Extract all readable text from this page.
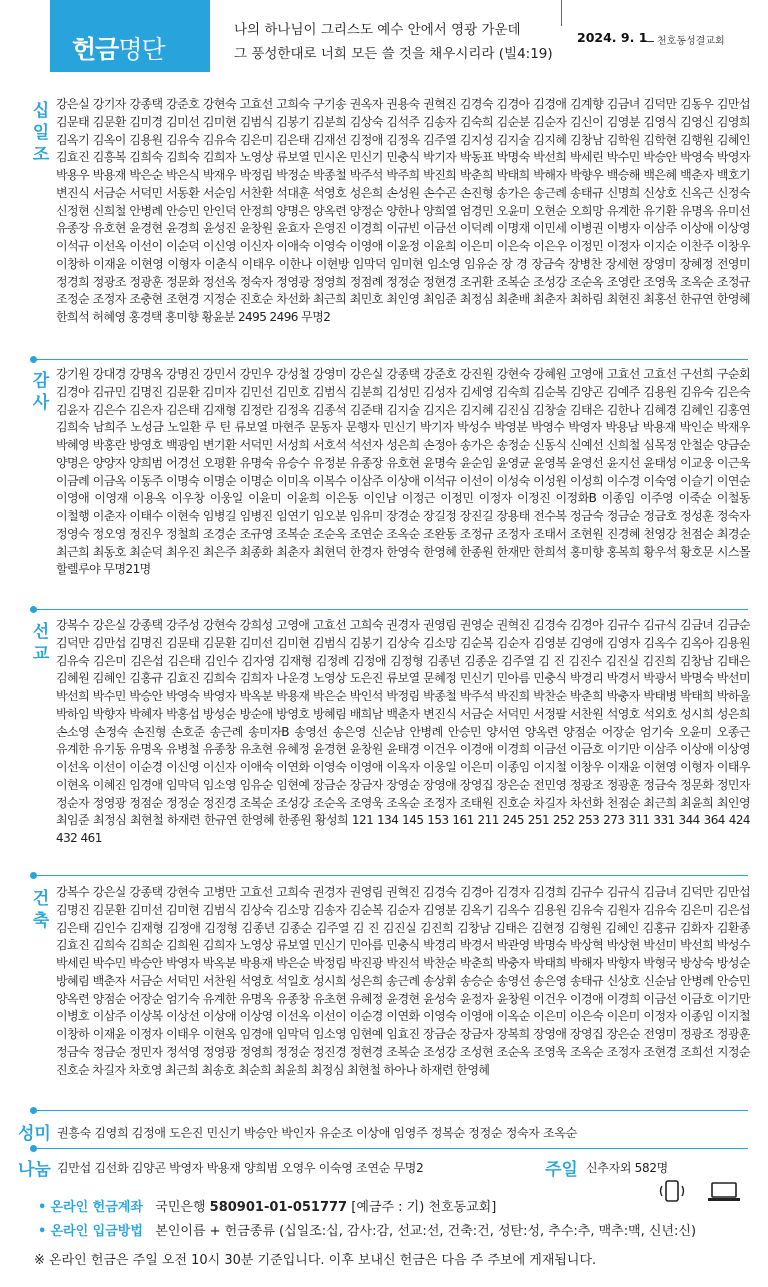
헌금명단
나의 하나님이 그리스도 예수 안에서 영광 가운데
그 풍성한대로 너희 모든 쓸 것을 채우시리라 (빌4:19)
2024. 9. 1 천호동성결교회
십
일
조
강은실 강기자 강종택 강준호 강현숙 고효선 고희숙 구기송 권옥자 권용숙 권혁진 김경숙 김경아 김경애 김계향 김금녀 김덕만 김동우 김만섭 김문태 김문환 김미경 김미선 김미현 김범식 김봉기 김분희 김상숙 김석주 김송자 김숙희 김순분 김순자 김신이 김영분 김영식 김영신 김영희 김옥기 김옥이 김용원 김유숙 김유숙 김은미 김은태 김재선 김정애 김정옥 김주열 김지성 김지술 김지혜 김창남 김학원 김학현 김행원 김혜인 김효진 김흥복 김희숙 김희숙 김희자 노영상 류보열 민시온 민신기 민충식 박기자 박동표 박명숙 박선희 박세린 박수민 박승안 박영숙 박영자 박용우 박용재 박은순 박은식 박재우 박정림 박정순 박종철 박주석 박주희 박진희 박춘희 박태희 박해자 박향우 백승해 백은혜 백춘자 백호기 변진식 서금순 서덕민 서동환 서순임 서찬환 석대훈 석영호 성은희 손성원 손수곤 손진형 송가은 송근례 송태규 신명희 신상호 신옥근 신정숙 신정현 신희철 안병례 안승민 안인덕 안정희 양명은 양옥련 양정순 양한나 양희열 엄경민 오윤미 오현순 오희망 유계한 유기환 유명옥 유미선 유종장 유호현 윤경현 윤경희 윤성진 윤창원 윤효자 은영진 이경희 이규빈 이금선 이덕례 이명재 이민세 이병권 이병자 이삼주 이상애 이상영 이석규 이선옥 이선이 이순덕 이신영 이신자 이애숙 이영숙 이영애 이윤정 이윤희 이은미 이은숙 이은우 이정민 이정자 이지순 이찬주 이창우 이창하 이재윤 이현영 이형자 이춘식 이태우 이한나 이현방 임막덕 임미현 임소영 임유순 장 경 장금숙 장병찬 장세현 장영미 장혜정 전영미 정경희 정광조 정광훈 정문화 정선옥 정숙자 정영광 정영희 정점례 정정순 정현경 조귀환 조복순 조성강 조순옥 조영란 조영욱 조옥순 조정규 조정순 조정자 조충현 조현경 지정순 진호순 차선화 최근희 최민호 최인영 최임준 최정심 최춘배 최춘자 최하림 최현진 최홍선 한규연 한영혜 한희석 허혜영 홍경택 홍미향 황윤분 2495 2496 무명2
감
사
강기원 강대경 강명옥 강명진 강민서 강민우 강성철 강영미 강은실 강종택 강준호 강진원 강현숙 강혜원 고영애 고효선 고효선 구선희 구순회 김경아 김규민 김명진 김문환 김미자 김민선 김민호 김범식 김분희 김성민 김성자 김세영 김숙희 김순복 김양곤 김예주 김용원 김유숙 김은숙 김윤자 김은수 김은자 김은태 김재형 김정란 김정옥 김종석 김준태 김지술 김지은 김지혜 김진심 김창술 김태은 김한나 김혜경 김혜인 김홍연 김희숙 남희주 노성금 노일환 루 틴 류보열 마현주 문동자 문행자 민신기 박기자 박성수 박영분 박영수 박영자 박용남 박용재 박인순 박재우 박혜영 박홍란 방영호 백광임 변기환 서덕민 서성희 서호석 석선자 성은희 손정아 송가은 송정순 신동식 신예선 신희철 심목정 안철순 양금순 양명은 양양자 양희범 어경선 오평환 유명숙 유승수 유정분 유종장 유호현 윤명숙 윤순임 윤영균 윤영복 윤영선 윤지선 윤태성 이교웅 이근욱 이금례 이금옥 이동주 이명숙 이명순 이명순 이미옥 이복수 이삼주 이상애 이석규 이선이 이성숙 이성원 이성희 이수경 이숙영 이슬기 이연순 이영애 이영재 이용옥 이우창 이웅일 이윤미 이윤희 이은동 이인남 이정근 이정민 이정자 이정진 이정화B 이종임 이주영 이죽순 이철동 이철행 이춘자 이태수 이현숙 임병길 임병진 임연기 임오분 임유미 장경순 장길정 장진길 장용태 전수복 정금숙 정금순 정금호 정성훈 정숙자 정영숙 정오영 정진우 정철희 조경순 조규영 조복순 조순옥 조연순 조옥순 조완동 조정규 조정자 조태서 조현원 진경혜 천영강 천점순 최경순 최근희 최동호 최순덕 최우진 최은주 최종화 최춘자 최현덕 한경자 한영숙 한영혜 한종원 한재만 한희석 홍미향 홍복희 황우석 황호문 시스몰 할렐루야 무명21명
선
교
강복수 강은실 강종택 강주성 강현숙 강희성 고영애 고효선 고희숙 권경자 권영림 권영순 권혁진 김경숙 김경아 김규수 김규식 김금녀 김금순 김덕만 김만섭 김명진 김문태 김문환 김미선 김미현 김범식 김봉기 김상숙 김소망 김순복 김순자 김영분 김영애 김영자 김옥수 김옥아 김용원 김유숙 김은미 김은섭 김은태 김인수 김자영 김재형 김정례 김정애 김정형 김종년 김종운 김주열 김 진 김진수 김진실 김진희 김창남 김태은 김혜원 김혜인 김홍규 김효진 김희숙 김희자 나운경 노영상 도은진 류보열 문혜정 민신기 민아름 민충식 박경리 박경서 박광서 박명숙 박선미 박선희 박수민 박승안 박영숙 박영자 박옥분 박용재 박은순 박인석 박정림 박종철 박주석 박진희 박찬순 박춘희 박충자 박태병 박태희 박하울 박하임 박향자 박혜자 박홍섭 방성순 방순애 방영호 방혜림 배희남 백춘자 변진식 서금순 서덕민 서정팔 서찬원 석영호 석외호 성시희 성은희 손소영 손정숙 손진형 손호준 송근례 송미자B 송영선 송은영 신순남 안병례 안승민 양서연 양옥련 양점순 어장순 엄기숙 오윤미 오종근 유계한 유기동 유명옥 유병철 유종창 유초현 유혜정 윤경현 윤창원 윤태경 이건우 이경애 이경희 이금선 이금호 이기만 이삼주 이상애 이상영 이선옥 이선이 이순경 이신영 이신자 이애숙 이연화 이영숙 이영애 이옥자 이웅일 이은미 이종임 이지철 이창우 이재윤 이현영 이형자 이태우 이현옥 이혜진 임경애 임막덕 임소영 임유순 임현예 장금순 장금자 장영순 장영애 장영집 장은순 전민영 정광조 정광훈 정금숙 정문화 정민자 정순자 정영광 정점순 정정순 정진경 조복순 조성강 조순옥 조영욱 조옥순 조정자 조태원 진호순 차길자 차선화 천점순 최근희 최윤희 최인영 최임준 최정심 최현철 하재련 한규연 한영혜 한종원 황성희 121 134 145 153 161 211 245 251 252 253 273 311 331 344 364 424 432 461
건
축
강복수 강은실 강종택 강현숙 고병만 고효선 고희숙 권경자 권영림 권혁진 김경숙 김경아 김경자 김경희 김규수 김규식 김금녀 김덕만 김만섭 김명진 김문환 김미선 김미현 김범식 김상숙 김소망 김송자 김순복 김순자 김영분 김옥기 김옥수 김용원 김유숙 김원자 김유숙 김은미 김은섭 김은태 김인수 김재형 김정애 김정형 김종년 김종순 김주열 김 진 김진실 김진희 김창남 김태은 김현정 김형원 김혜인 김홍규 김화자 김환종 김효진 김희숙 김희순 김희원 김희자 노영상 류보열 민신기 민아름 민충식 박경리 박경서 박관영 박명숙 박상혁 박상현 박선미 박선희 박성수 박세린 박수민 박승안 박영자 박옥분 박용재 박은순 박정림 박진광 박진석 박찬순 박춘희 박충자 박태희 박해자 박향자 박형국 방상숙 방성순 방혜림 백춘자 서금순 서덕민 서찬원 석영호 석일호 성시희 성은희 송근례 송상휘 송승순 송영선 송은영 송태규 신상호 신순남 안병례 안승민 양옥련 양점순 어장순 엄기숙 유계한 유명옥 유종창 유초현 유혜정 윤경현 윤성숙 윤정자 윤창원 이건우 이경애 이경희 이금선 이금호 이기만 이병호 이삼주 이상복 이상선 이상애 이상영 이선옥 이선이 이순경 이연화 이영숙 이영애 이옥순 이은미 이은숙 이은미 이정자 이종임 이지철 이창하 이재윤 이정자 이태우 이현옥 임경애 임막덕 임소영 임현예 임효진 장금순 장금자 장복희 장영애 장영집 장은순 전영미 정광조 정광훈 정금숙 정금순 정민자 정석영 정영광 정영희 정정순 정진경 정현경 조복순 조성강 조성현 조순옥 조영욱 조옥순 조정자 조현경 조희선 지정순 진호순 차길자 차호영 최근희 최송호 최순희 최윤희 최정심 최현철 하아나 하재련 한영혜
성미 권흥숙 김영희 김정애 도은진 민신기 박승안 박인자 유순조 이상애 임영주 정복순 정정순 정숙자 조옥순
나눔 김만섭 김선화 김양곤 박영자 박용재 양희범 오영우 이숙영 조연순 무명2	주일 신추자외 582명
• 온라인 헌금계좌 국민은행 580901-01-051777 [예금주 : 기) 천호동교회]
• 온라인 입금방법 본인이름 + 헌금종류 (십일조:십, 감사:감, 선교:선, 건축:건, 성탄:성, 추수:추, 맥추:맥, 신년:신)
※ 온라인 헌금은 주일 오전 10시 30분 기준입니다. 이후 보내신 헌금은 다음 주 주보에 게재됩니다.
